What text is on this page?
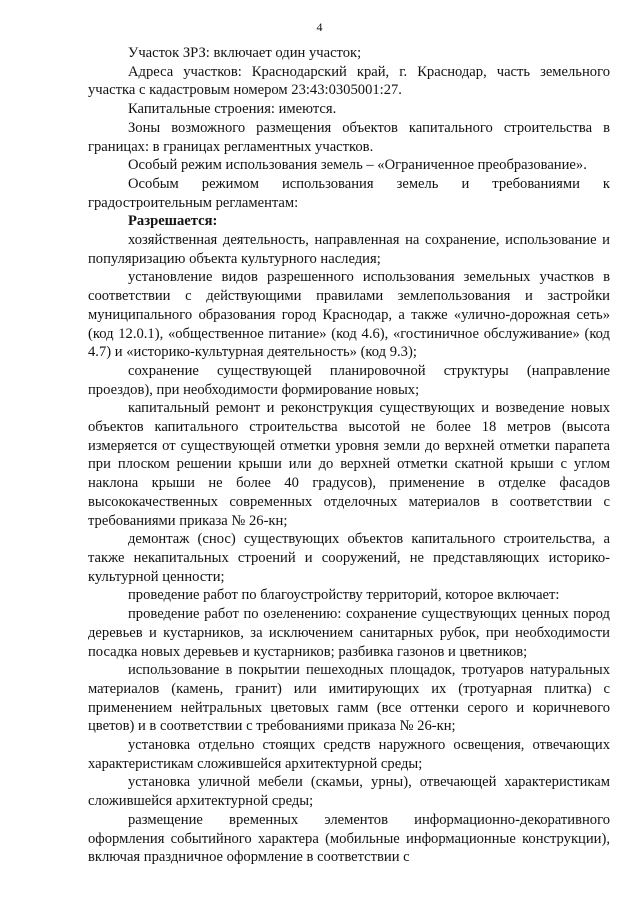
4

Участок ЗРЗ: включает один участок;

Адреса участков: Краснодарский край, г. Краснодар, часть земельного участка с кадастровым номером 23:43:0305001:27.

Капитальные строения: имеются.

Зоны возможного размещения объектов капитального строительства в границах: в границах регламентных участков.

Особый режим использования земель – «Ограниченное преобразование».

Особым режимом использования земель и требованиями к градостроительным регламентам:

Разрешается:

хозяйственная деятельность, направленная на сохранение, использование и популяризацию объекта культурного наследия;

установление видов разрешенного использования земельных участков в соответствии с действующими правилами землепользования и застройки муниципального образования город Краснодар, а также «улично-дорожная сеть» (код 12.0.1), «общественное питание» (код 4.6), «гостиничное обслуживание» (код 4.7) и «историко-культурная деятельность» (код 9.3);

сохранение существующей планировочной структуры (направление проездов), при необходимости формирование новых;

капитальный ремонт и реконструкция существующих и возведение новых объектов капитального строительства высотой не более 18 метров (высота измеряется от существующей отметки уровня земли до верхней отметки парапета при плоском решении крыши или до верхней отметки скатной крыши с углом наклона крыши не более 40 градусов), применение в отделке фасадов высококачественных современных отделочных материалов в соответствии с требованиями приказа № 26-кн;

демонтаж (снос) существующих объектов капитального строительства, а также некапитальных строений и сооружений, не представляющих историко-культурной ценности;

проведение работ по благоустройству территорий, которое включает:

проведение работ по озеленению: сохранение существующих ценных пород деревьев и кустарников, за исключением санитарных рубок, при необходимости посадка новых деревьев и кустарников; разбивка газонов и цветников;

использование в покрытии пешеходных площадок, тротуаров натуральных материалов (камень, гранит) или имитирующих их (тротуарная плитка) с применением нейтральных цветовых гамм (все оттенки серого и коричневого цветов) и в соответствии с требованиями приказа № 26-кн;

установка отдельно стоящих средств наружного освещения, отвечающих характеристикам сложившейся архитектурной среды;

установка уличной мебели (скамьи, урны), отвечающей характеристикам сложившейся архитектурной среды;

размещение временных элементов информационно-декоративного оформления событийного характера (мобильные информационные конструкции), включая праздничное оформление в соответствии с
